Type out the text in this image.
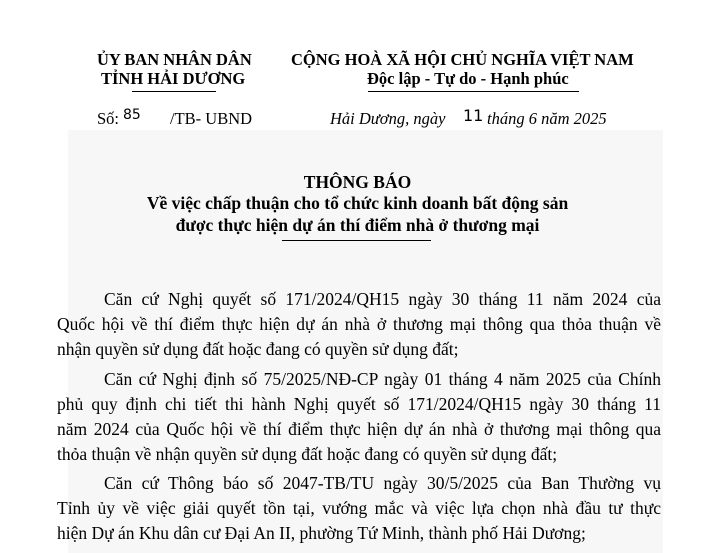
ỦY BAN NHÂN DÂN
TỈNH HẢI DƯƠNG
CỘNG HOÀ XÃ HỘI CHỦ NGHĨA VIỆT NAM
Độc lập - Tự do - Hạnh phúc
Số: 85 /TB- UBND	Hải Dương, ngày 11 tháng 6 năm 2025
THÔNG BÁO
Về việc chấp thuận cho tổ chức kinh doanh bất động sản
được thực hiện dự án thí điểm nhà ở thương mại
Căn cứ Nghị quyết số 171/2024/QH15 ngày 30 tháng 11 năm 2024 của
Quốc hội về thí điểm thực hiện dự án nhà ở thương mại thông qua thỏa thuận về
nhận quyền sử dụng đất hoặc đang có quyền sử dụng đất;
Căn cứ Nghị định số 75/2025/NĐ-CP ngày 01 tháng 4 năm 2025 của Chính
phủ quy định chi tiết thi hành Nghị quyết số 171/2024/QH15 ngày 30 tháng 11
năm 2024 của Quốc hội về thí điểm thực hiện dự án nhà ở thương mại thông qua
thỏa thuận về nhận quyền sử dụng đất hoặc đang có quyền sử dụng đất;
Căn cứ Thông báo số 2047-TB/TU ngày 30/5/2025 của Ban Thường vụ
Tỉnh ủy về việc giải quyết tồn tại, vướng mắc và việc lựa chọn nhà đầu tư thực
hiện Dự án Khu dân cư Đại An II, phường Tứ Minh, thành phố Hải Dương;
